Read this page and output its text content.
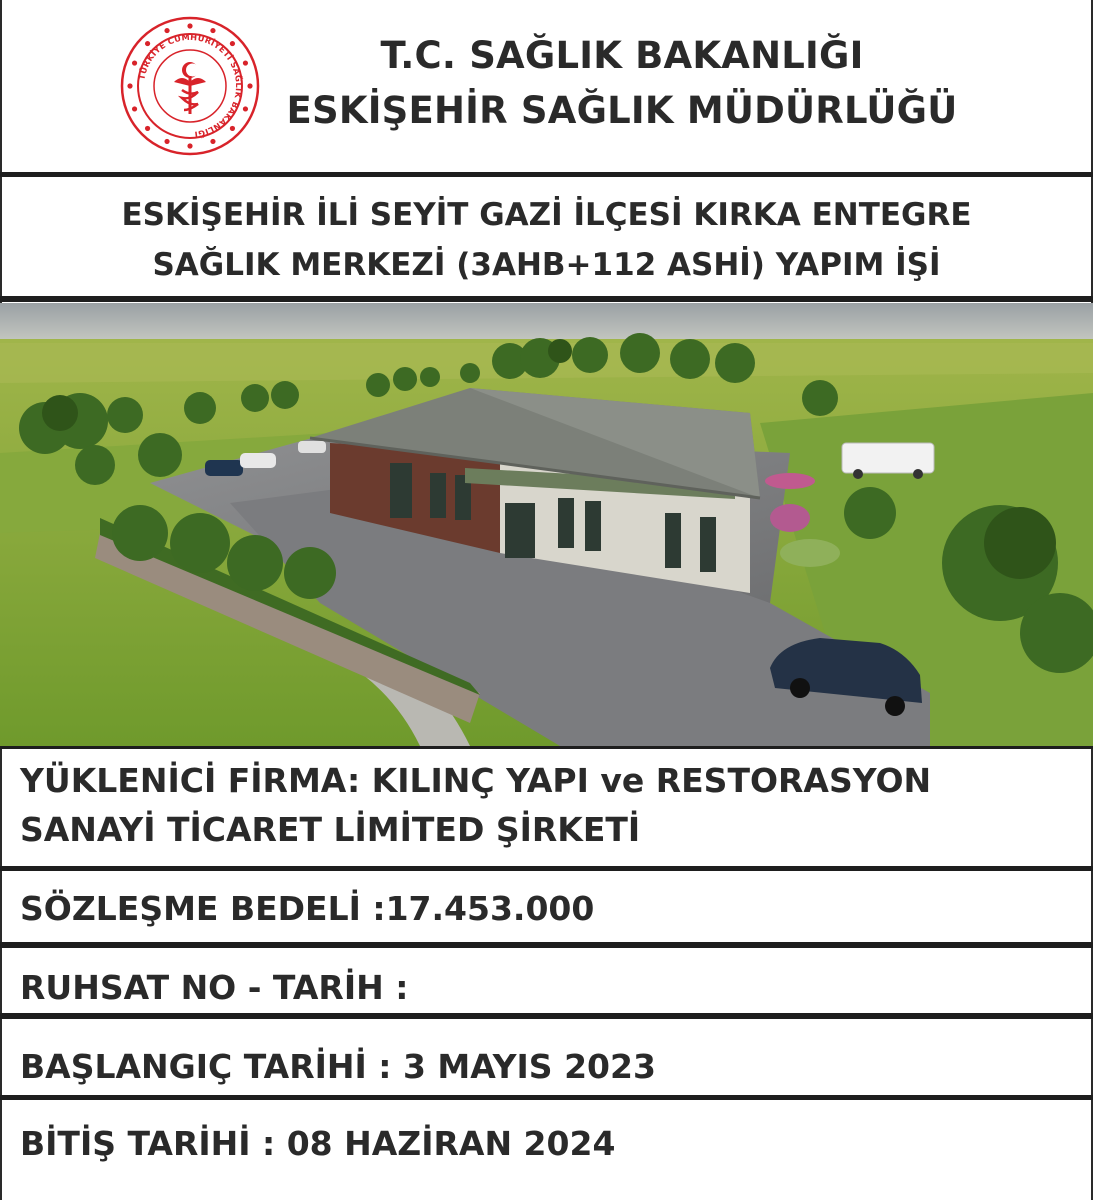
TÜRKİYE CUMHURİYETİ SAĞLIK BAKANLIĞI
T.C. SAĞLIK BAKANLIĞI
ESKİŞEHİR SAĞLIK MÜDÜRLÜĞÜ
ESKİŞEHİR İLİ SEYİT GAZİ İLÇESİ KIRKA ENTEGRE
SAĞLIK MERKEZİ (3AHB+112 ASHİ) YAPIM İŞİ
YÜKLENİCİ FİRMA: KILINÇ YAPI ve RESTORASYON
SANAYİ TİCARET LİMİTED ŞİRKETİ
SÖZLEŞME BEDELİ :17.453.000
RUHSAT NO - TARİH :
BAŞLANGIÇ TARİHİ : 3 MAYIS 2023
BİTİŞ TARİHİ : 08 HAZİRAN 2024
